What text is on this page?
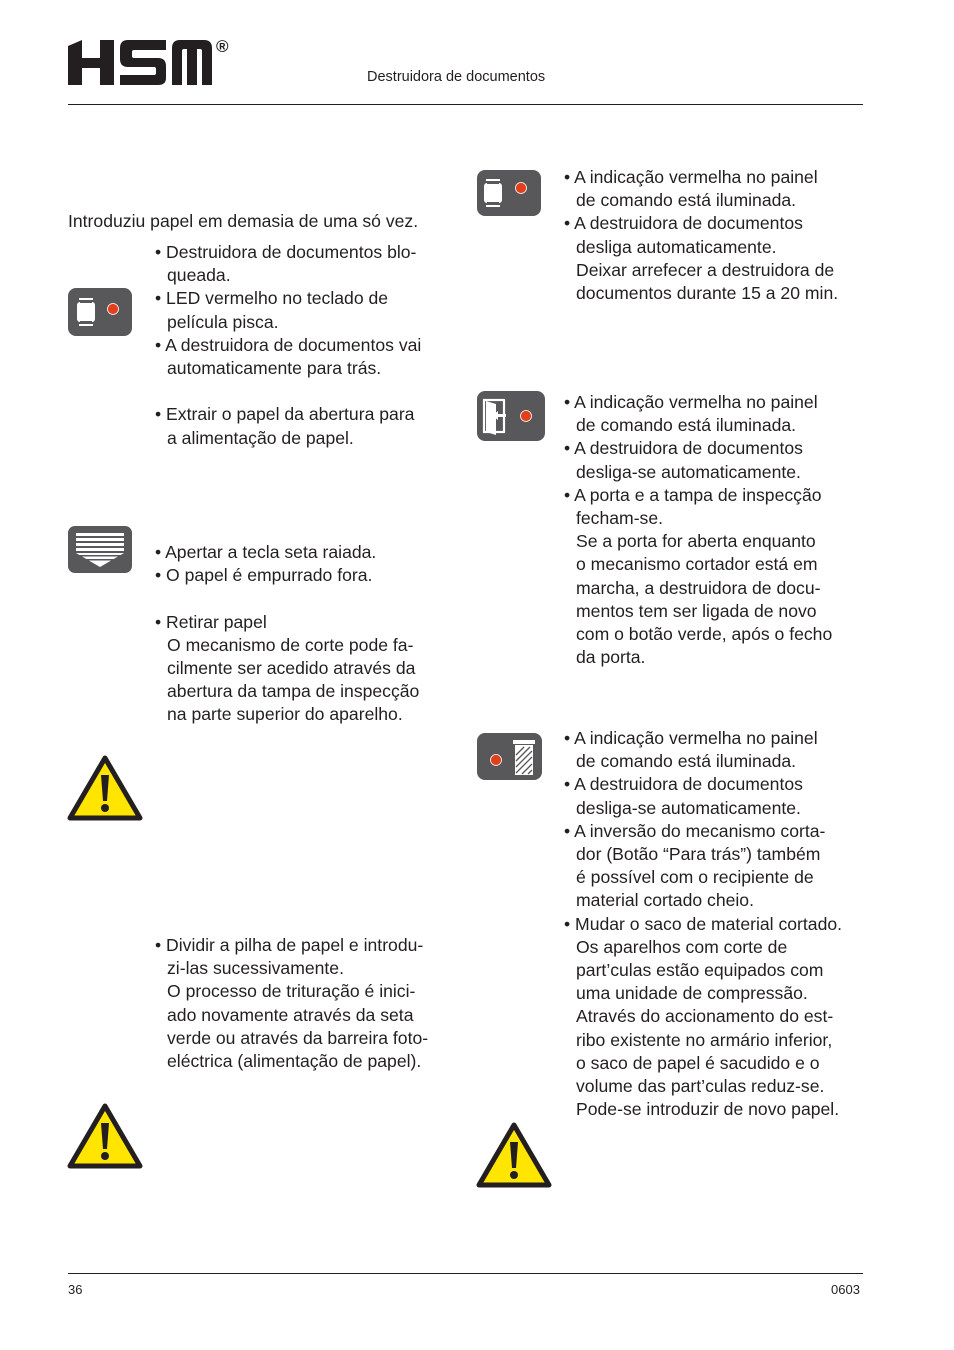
®
Destruidora de documentos
Introduziu papel em demasia de uma só vez.

• Destruidora de documentos blo-

queada.

• LED vermelho no teclado de

película pisca.

• A destruidora de documentos vai

automaticamente para trás.

• Extrair o papel da abertura para

a alimentação de papel.

• Apertar a tecla seta raiada.

• O papel é empurrado fora.

• Retirar papel

O mecanismo de corte pode fa-

cilmente ser acedido através da

abertura da tampa de inspecção

na parte superior do aparelho.

• Dividir a pilha de papel e introdu-

zi-las sucessivamente.

O processo de trituração é inici-

ado novamente através da seta

verde ou através da barreira foto-

eléctrica (alimentação de papel).

• A indicação vermelha no painel

de comando está iluminada.

• A destruidora de documentos

desliga automaticamente.

Deixar arrefecer a destruidora de

documentos durante 15 a 20 min.

• A indicação vermelha no painel

de comando está iluminada.

• A destruidora de documentos

desliga-se automaticamente.

• A porta e a tampa de inspecção

fecham-se.

Se a porta for aberta enquanto

o mecanismo cortador está em

marcha, a destruidora de docu-

mentos tem ser ligada de novo

com o botão verde, após o fecho

da porta.

• A indicação vermelha no painel

de comando está iluminada.

• A destruidora de documentos

desliga-se automaticamente.

• A inversão do mecanismo corta-

dor (Botão “Para trás”) também

é possível com o recipiente de

material cortado cheio.

• Mudar o saco de material cortado.

Os aparelhos com corte de

part’culas estão equipados com

uma unidade de compressão.

Através do accionamento do est-

ribo existente no armário inferior,

o saco de papel é sacudido e o

volume das part’culas reduz-se.

Pode-se introduzir de novo papel.

36	0603
